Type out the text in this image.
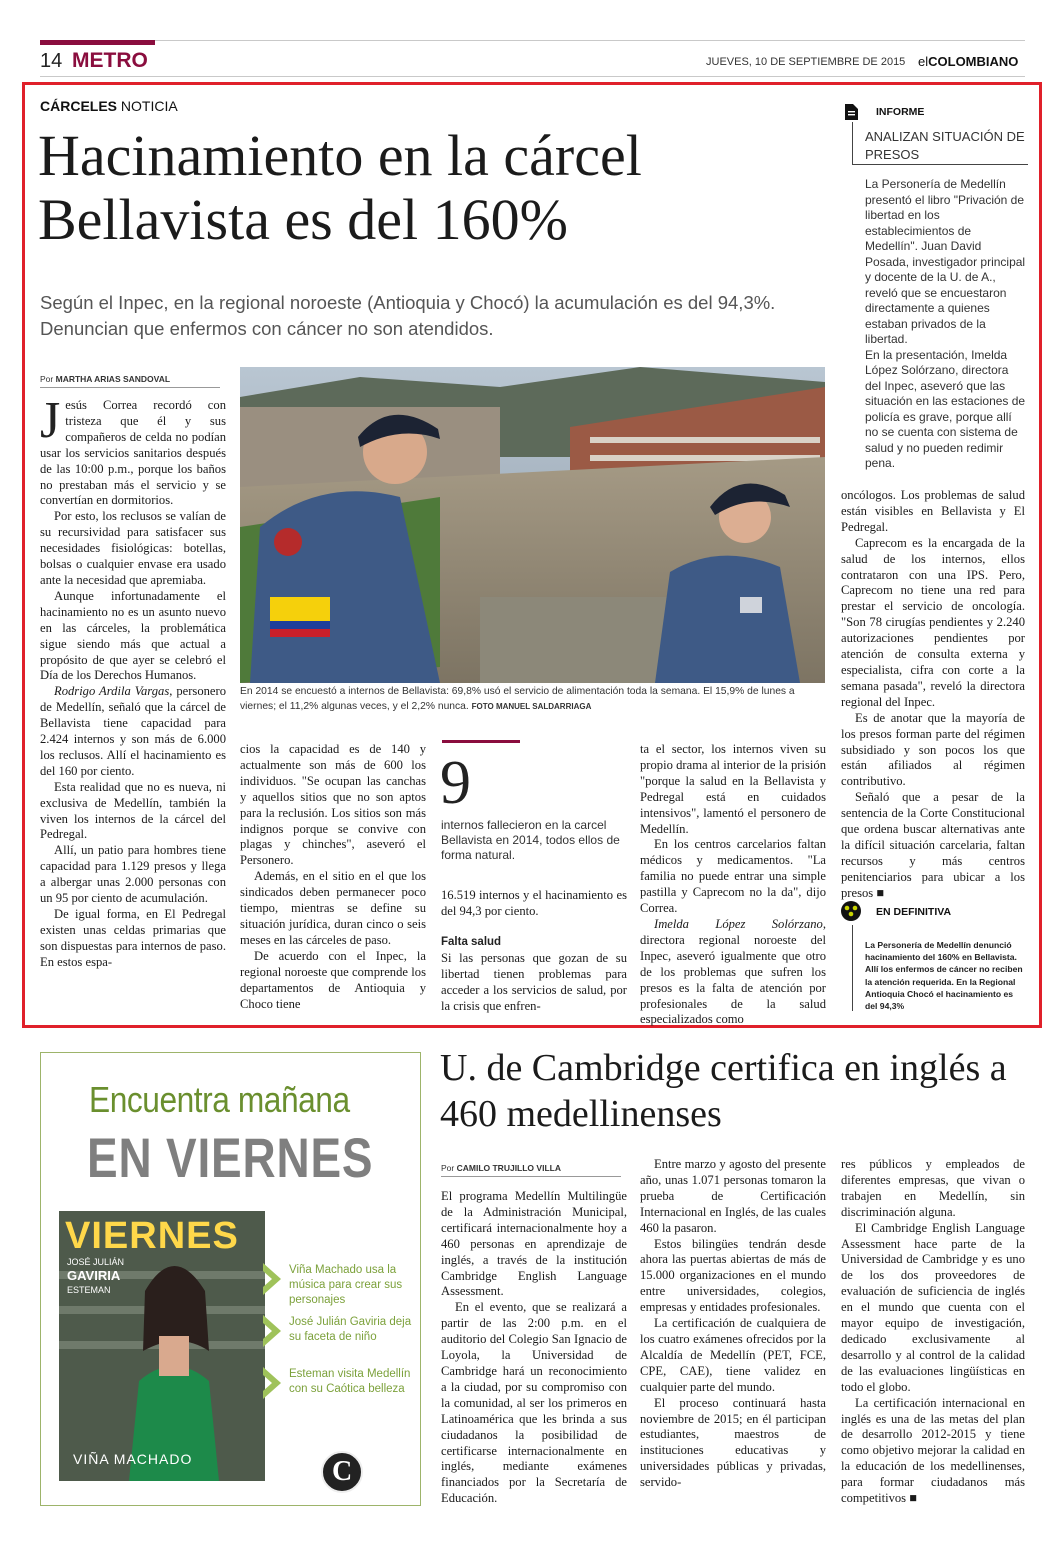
14 METRO	JUEVES, 10 DE SEPTIEMBRE DE 2015 elCOLOMBIANO
CÁRCELES NOTICIA
Hacinamiento en la cárcel Bellavista es del 160%
Según el Inpec, en la regional noroeste (Antioquia y Chocó) la acumulación es del 94,3%. Denuncian que enfermos con cáncer no son atendidos.
Por MARTHA ARIAS SANDOVAL

Jesús Correa recordó con tristeza que él y sus compañeros de celda no podían usar los servicios sanitarios después de las 10:00 p.m., porque los baños no prestaban más el servicio y se convertían en dormitorios.

Por esto, los reclusos se valían de su recursividad para satisfacer sus necesidades fisiológicas: botellas, bolsas o cualquier envase era usado ante la necesidad que apremiaba.

Aunque infortunadamente el hacinamiento no es un asunto nuevo en las cárceles, la problemática sigue siendo más que actual a propósito de que ayer se celebró el Día de los Derechos Humanos.

Rodrigo Ardila Vargas, personero de Medellín, señaló que la cárcel de Bellavista tiene capacidad para 2.424 internos y son más de 6.000 los reclusos. Allí el hacinamiento es del 160 por ciento.

Esta realidad que no es nueva, ni exclusiva de Medellín, también la viven los internos de la cárcel del Pedregal.

Allí, un patio para hombres tiene capacidad para 1.129 presos y llega a albergar unas 2.000 personas con un 95 por ciento de acumulación.

De igual forma, en El Pedregal existen unas celdas primarias que son dispuestas para internos de paso. En estos espa-

En 2014 se encuestó a internos de Bellavista: 69,8% usó el servicio de alimentación toda la semana. El 15,9% de lunes a viernes; el 11,2% algunas veces, y el 2,2% nunca. FOTO MANUEL SALDARRIAGA

cios la capacidad es de 140 y actualmente son más de 600 los individuos. "Se ocupan las canchas y aquellos sitios que no son aptos para la reclusión. Los sitios son más indignos porque se convive con plagas y chinches", aseveró el Personero.

Además, en el sitio en el que los sindicados deben permanecer poco tiempo, mientras se define su situación jurídica, duran cinco o seis meses en las cárceles de paso.

De acuerdo con el Inpec, la regional noroeste que comprende los departamentos de Antioquia y Choco tiene

9
internos fallecieron en la carcel Bellavista en 2014, todos ellos de forma natural.

16.519 internos y el hacinamiento es del 94,3 por ciento.

Falta salud

Si las personas que gozan de su libertad tienen problemas para acceder a los servicios de salud, por la crisis que enfren-

ta el sector, los internos viven su propio drama al interior de la prisión "porque la salud en la Bellavista y Pedregal está en cuidados intensivos", lamentó el personero de Medellín.

En los centros carcelarios faltan médicos y medicamentos. "La familia no puede entrar una simple pastilla y Caprecom no la da", dijo Correa.

Imelda López Solórzano, directora regional noroeste del Inpec, aseveró igualmente que otro de los problemas que sufren los presos es la falta de atención por profesionales de la salud especializados como

oncólogos. Los problemas de salud están visibles en Bellavista y El Pedregal.

Caprecom es la encargada de la salud de los internos, ellos contrataron con una IPS. Pero, Caprecom no tiene una red para prestar el servicio de oncología. "Son 78 cirugías pendientes y 2.240 autorizaciones pendientes por atención de consulta externa y especialista, cifra con corte a la semana pasada", reveló la directora regional del Inpec.

Es de anotar que la mayoría de los presos forman parte del régimen subsidiado y son pocos los que están afiliados al régimen contributivo.

Señaló que a pesar de la sentencia de la Corte Constitucional que ordena buscar alternativas ante la difícil situación carcelaria, faltan recursos y más centros penitenciarios para ubicar a los presos ■

INFORME
ANALIZAN SITUACIÓN DE PRESOS

La Personería de Medellín presentó el libro "Privación de libertad en los establecimientos de Medellín". Juan David Posada, investigador principal y docente de la U. de A., reveló que se encuestaron directamente a quienes estaban privados de la libertad.

En la presentación, Imelda López Solórzano, directora del Inpec, aseveró que las situación en las estaciones de policía es grave, porque allí no se cuenta con sistema de salud y no pueden redimir pena.

EN DEFINITIVA
La Personería de Medellín denunció hacinamiento del 160% en Bellavista. Allí los enfermos de cáncer no reciben la atención requerida. En la Regional Antioquia Chocó el hacinamiento es del 94,3%
Encuentra mañana
EN VIERNES
VIERNES
JOSÉ JULIÁN
GAVIRIA
ESTEMAN
VIÑA MACHADO
Viña Machado usa la música para crear sus personajes
José Julián Gaviria deja su faceta de niño
Esteman visita Medellín con su Caótica belleza
C
U. de Cambridge certifica en inglés a 460 medellinenses
Por CAMILO TRUJILLO VILLA

El programa Medellín Multilingüe de la Administración Municipal, certificará internacionalmente hoy a 460 personas en aprendizaje de inglés, a través de la institución Cambridge English Language Assessment.

En el evento, que se realizará a partir de las 2:00 p.m. en el auditorio del Colegio San Ignacio de Loyola, la Universidad de Cambridge hará un reconocimiento a la ciudad, por su compromiso con la comunidad, al ser los primeros en Latinoamérica que les brinda a sus ciudadanos la posibilidad de certificarse internacionalmente en inglés, mediante exámenes financiados por la Secretaría de Educación.

Entre marzo y agosto del presente año, unas 1.071 personas tomaron la prueba de Certificación Internacional en Inglés, de las cuales 460 la pasaron.

Estos bilingües tendrán desde ahora las puertas abiertas de más de 15.000 organizaciones en el mundo entre universidades, colegios, empresas y entidades profesionales.

La certificación de cualquiera de los cuatro exámenes ofrecidos por la Alcaldía de Medellín (PET, FCE, CPE, CAE), tiene validez en cualquier parte del mundo.

El proceso continuará hasta noviembre de 2015; en él participan estudiantes, maestros de instituciones educativas y universidades públicas y privadas, servido-

res públicos y empleados de diferentes empresas, que vivan o trabajen en Medellín, sin discriminación alguna.

El Cambridge English Language Assessment hace parte de la Universidad de Cambridge y es uno de los dos proveedores de evaluación de suficiencia de inglés en el mundo que cuenta con el mayor equipo de investigación, dedicado exclusivamente al desarrollo y al control de la calidad de las evaluaciones lingüísticas en todo el globo.

La certificación internacional en inglés es una de las metas del plan de desarrollo 2012-2015 y tiene como objetivo mejorar la calidad en la educación de los medellinenses, para formar ciudadanos más competitivos ■
